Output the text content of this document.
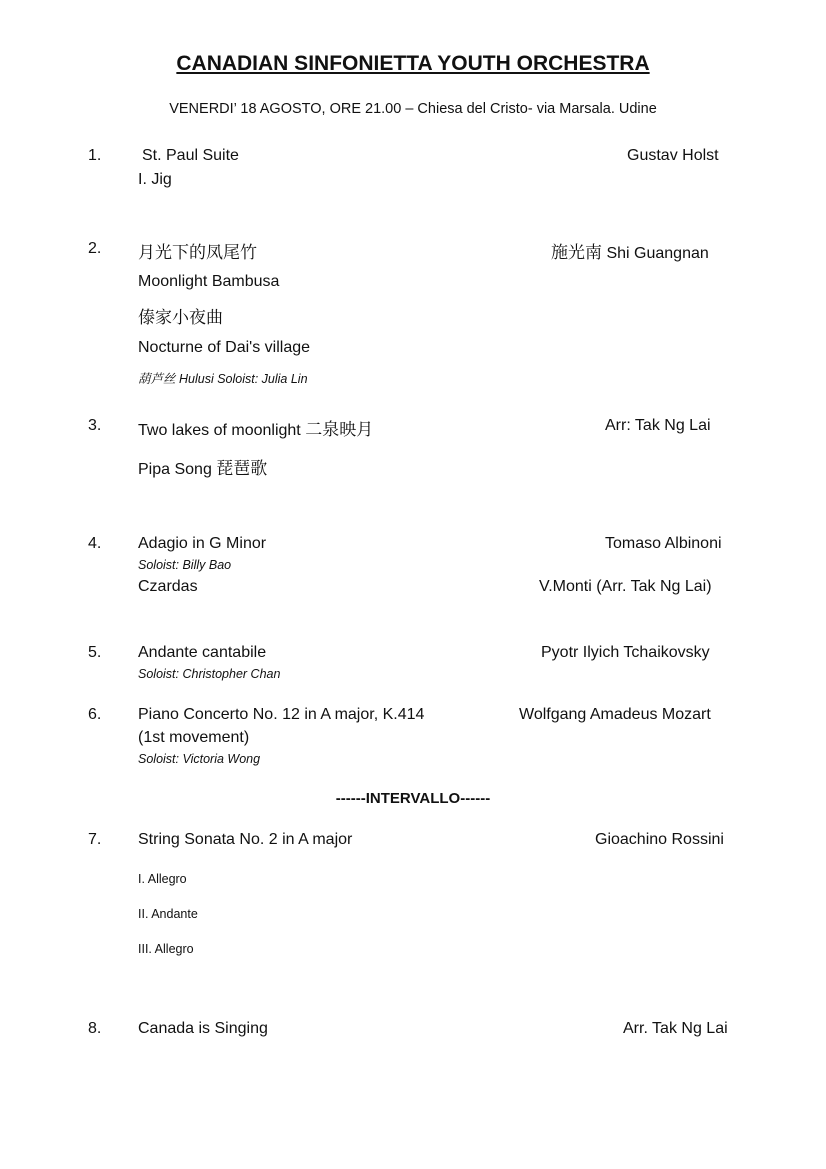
CANADIAN SINFONIETTA YOUTH ORCHESTRA
VENERDI’ 18 AGOSTO, ORE 21.00 – Chiesa del Cristo- via Marsala. Udine
1.	St. Paul Suite	Gustav Holst
I. Jig
2. 月光下的凤尾竹	施光南 Shi Guangnan
Moonlight Bambusa
傣家小夜曲
Nocturne of Dai's village
葫芦丝 Hulusi Soloist: Julia Lin
3. Two lakes of moonlight 二泉映月	Arr: Tak Ng Lai
Pipa Song 琵琶歌
4. Adagio in G Minor	Tomaso Albinoni
Soloist: Billy Bao
Czardas	V.Monti (Arr. Tak Ng Lai)
5. Andante cantabile	Pyotr Ilyich Tchaikovsky
Soloist: Christopher Chan
6. Piano Concerto No. 12 in A major, K.414	Wolfgang Amadeus Mozart
(1st movement)
Soloist: Victoria Wong
------INTERVALLO------
7. String Sonata No. 2 in A major	Gioachino Rossini
I. Allegro
II. Andante
III. Allegro
8. Canada is Singing	Arr. Tak Ng Lai
